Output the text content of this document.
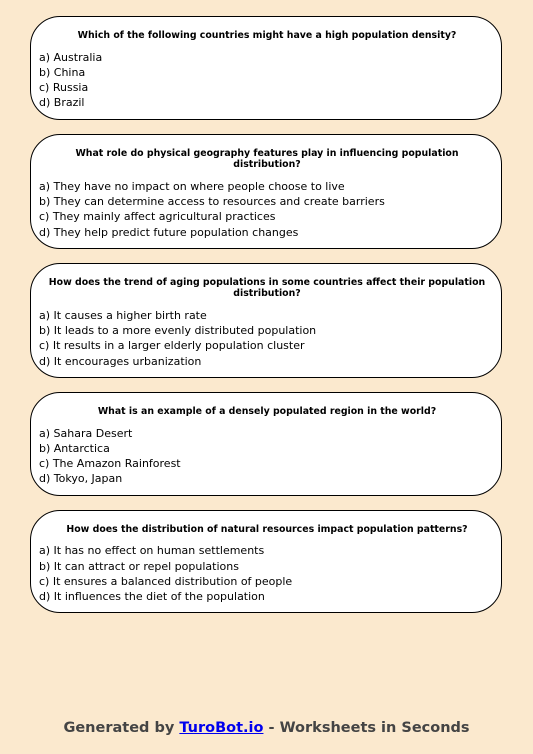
Which of the following countries might have a high population density?
a) Australia
b) China
c) Russia
d) Brazil
What role do physical geography features play in influencing population distribution?
a) They have no impact on where people choose to live
b) They can determine access to resources and create barriers
c) They mainly affect agricultural practices
d) They help predict future population changes
How does the trend of aging populations in some countries affect their population distribution?
a) It causes a higher birth rate
b) It leads to a more evenly distributed population
c) It results in a larger elderly population cluster
d) It encourages urbanization
What is an example of a densely populated region in the world?
a) Sahara Desert
b) Antarctica
c) The Amazon Rainforest
d) Tokyo, Japan
How does the distribution of natural resources impact population patterns?
a) It has no effect on human settlements
b) It can attract or repel populations
c) It ensures a balanced distribution of people
d) It influences the diet of the population
Generated by TuroBot.io - Worksheets in Seconds
